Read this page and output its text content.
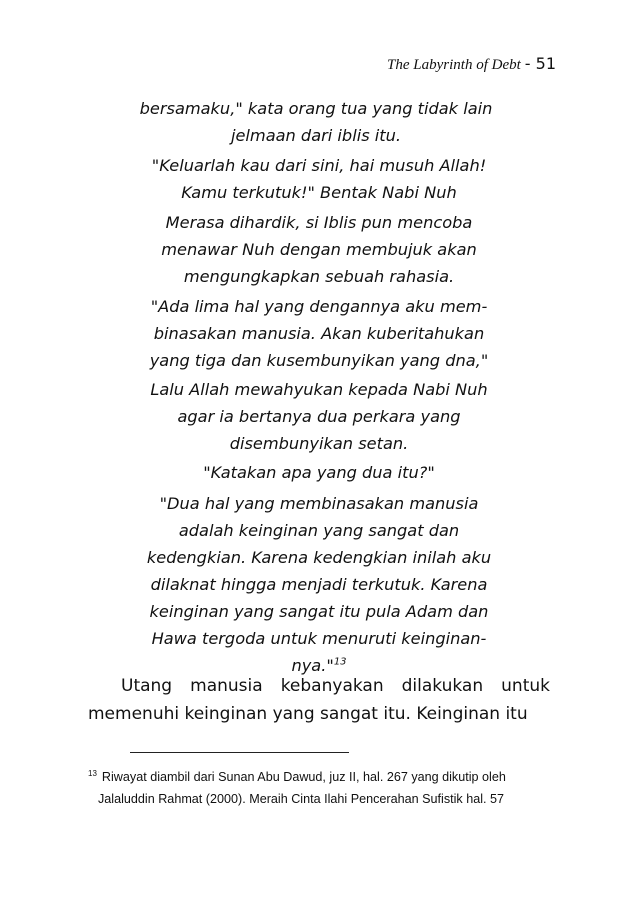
The Labyrinth of Debt - 51
bersamaku," kata orang tua yang tidak lain
jelmaan dari iblis itu.
"Keluarlah kau dari sini, hai musuh Allah!
Kamu terkutuk!" Bentak Nabi Nuh
Merasa dihardik, si Iblis pun mencoba
menawar Nuh dengan membujuk akan
mengungkapkan sebuah rahasia.
"Ada lima hal yang dengannya aku mem-
binasakan manusia. Akan kuberitahukan
yang tiga dan kusembunyikan yang dna,"
Lalu Allah mewahyukan kepada Nabi Nuh
agar ia bertanya dua perkara yang
disembunyikan setan.
"Katakan apa yang dua itu?"
"Dua hal yang membinasakan manusia
adalah keinginan yang sangat dan
kedengkian. Karena kedengkian inilah aku
dilaknat hingga menjadi terkutuk. Karena
keinginan yang sangat itu pula Adam dan
Hawa tergoda untuk menuruti keinginan-
nya."$^{13}$
Utang manusia kebanyakan dilakukan untuk
memenuhi keinginan yang sangat itu. Keinginan itu
$^{13}$ Riwayat diambil dari Sunan Abu Dawud, juz II, hal. 267 yang dikutip oleh
Jalaluddin Rahmat (2000). Meraih Cinta Ilahi Pencerahan Sufistik hal. 57
